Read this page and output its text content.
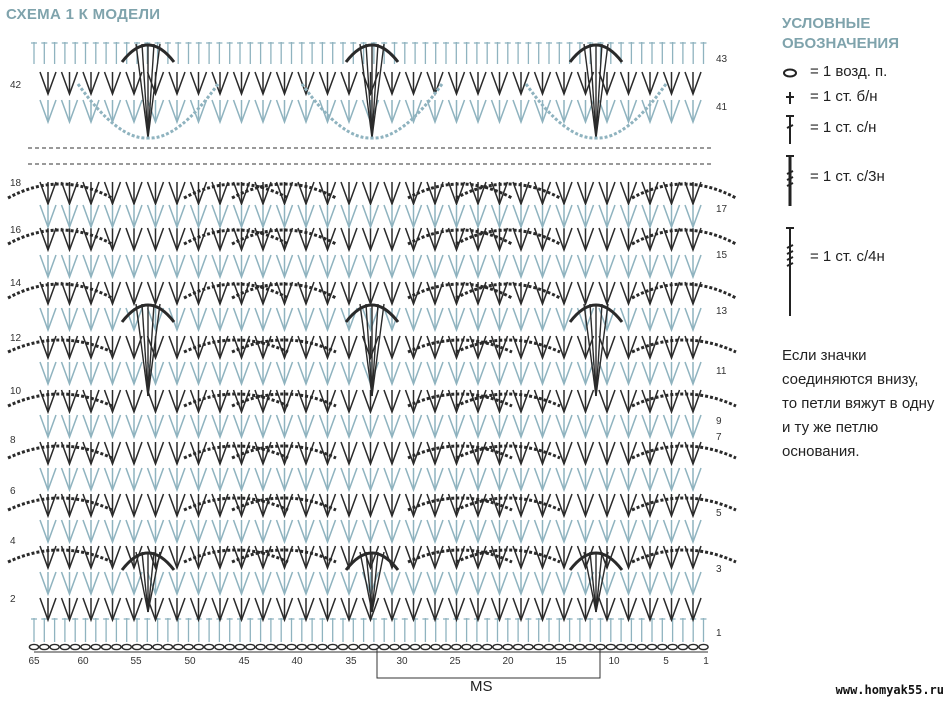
СХЕМА 1 К МОДЕЛИ
42
18
16
14
12
10
8
6
4
2
43
41
17
15
13
11
9
7
5
3
1
65	60	55	50	45	40	35	30	25	20	15	10	5	1
MS
УСЛОВНЫЕ
ОБОЗНАЧЕНИЯ
= 1 возд. п.
= 1 ст. б/н
= 1 ст. с/н
= 1 ст. с/3н
= 1 ст. с/4н
Если значки
соединяются внизу,
то петли вяжут в одну
и ту же петлю
основания.
www.homyak55.ru
